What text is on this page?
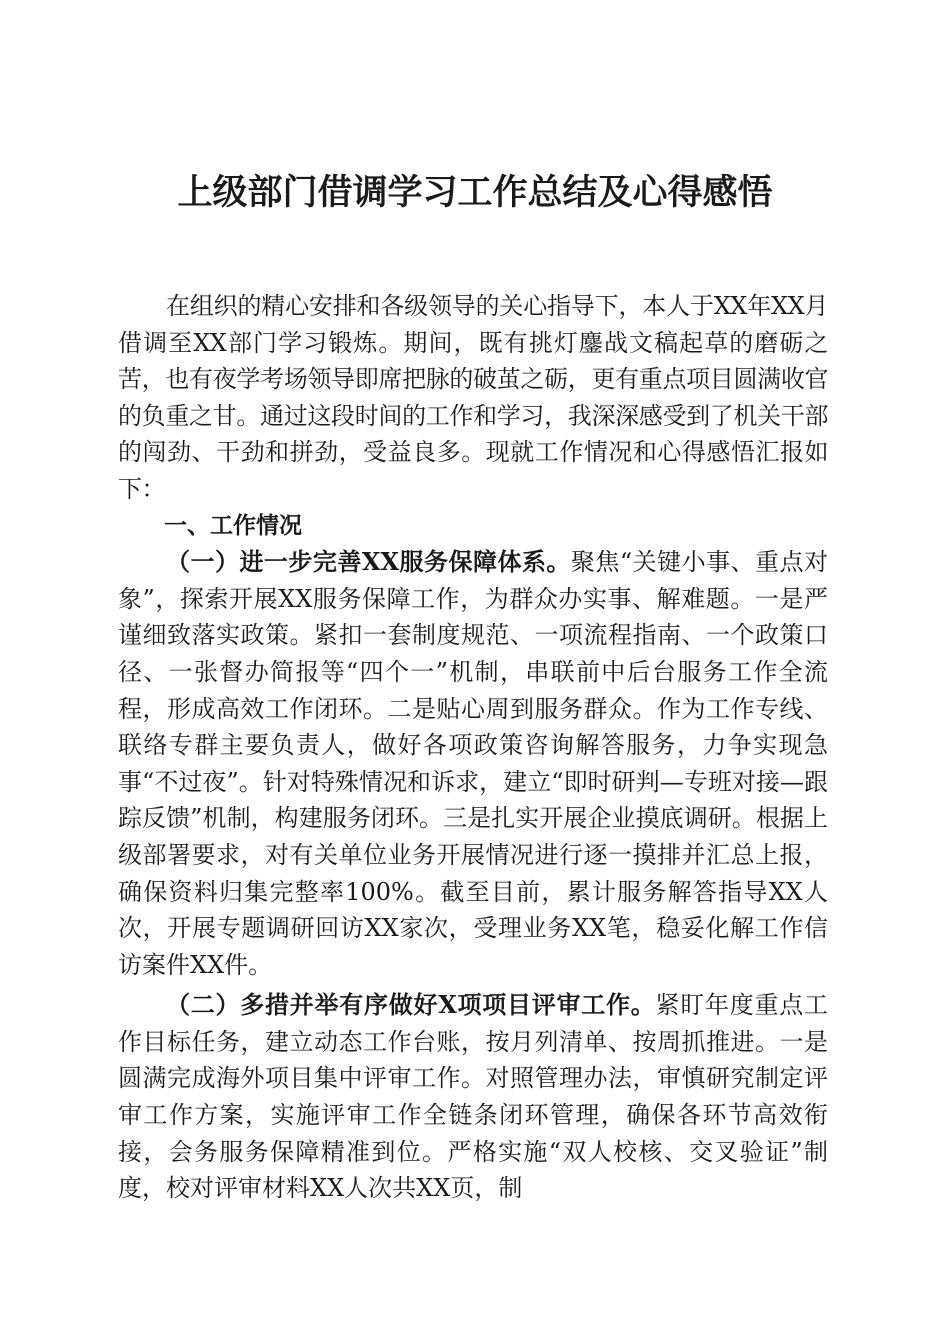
上级部门借调学习工作总结及心得感悟

在组织的精心安排和各级领导的关心指导下，本人于XX年XX月借调至XX部门学习锻炼。期间，既有挑灯鏖战文稿起草的磨砺之苦，也有夜学考场领导即席把脉的破茧之砺，更有重点项目圆满收官的负重之甘。通过这段时间的工作和学习，我深深感受到了机关干部的闯劲、干劲和拼劲，受益良多。现就工作情况和心得感悟汇报如下：

一、工作情况

（一）进一步完善XX服务保障体系。聚焦“关键小事、重点对象”，探索开展XX服务保障工作，为群众办实事、解难题。一是严谨细致落实政策。紧扣一套制度规范、一项流程指南、一个政策口径、一张督办简报等“四个一”机制，串联前中后台服务工作全流程，形成高效工作闭环。二是贴心周到服务群众。作为工作专线、联络专群主要负责人，做好各项政策咨询解答服务，力争实现急事“不过夜”。针对特殊情况和诉求，建立“即时研判—专班对接—跟踪反馈”机制，构建服务闭环。三是扎实开展企业摸底调研。根据上级部署要求，对有关单位业务开展情况进行逐一摸排并汇总上报，确保资料归集完整率100%。截至目前，累计服务解答指导XX人次，开展专题调研回访XX家次，受理业务XX笔，稳妥化解工作信访案件XX件。

（二）多措并举有序做好X项项目评审工作。紧盯年度重点工作目标任务，建立动态工作台账，按月列清单、按周抓推进。一是圆满完成海外项目集中评审工作。对照管理办法，审慎研究制定评审工作方案，实施评审工作全链条闭环管理，确保各环节高效衔接，会务服务保障精准到位。严格实施“双人校核、交叉验证”制度，校对评审材料XX人次共XX页，制
